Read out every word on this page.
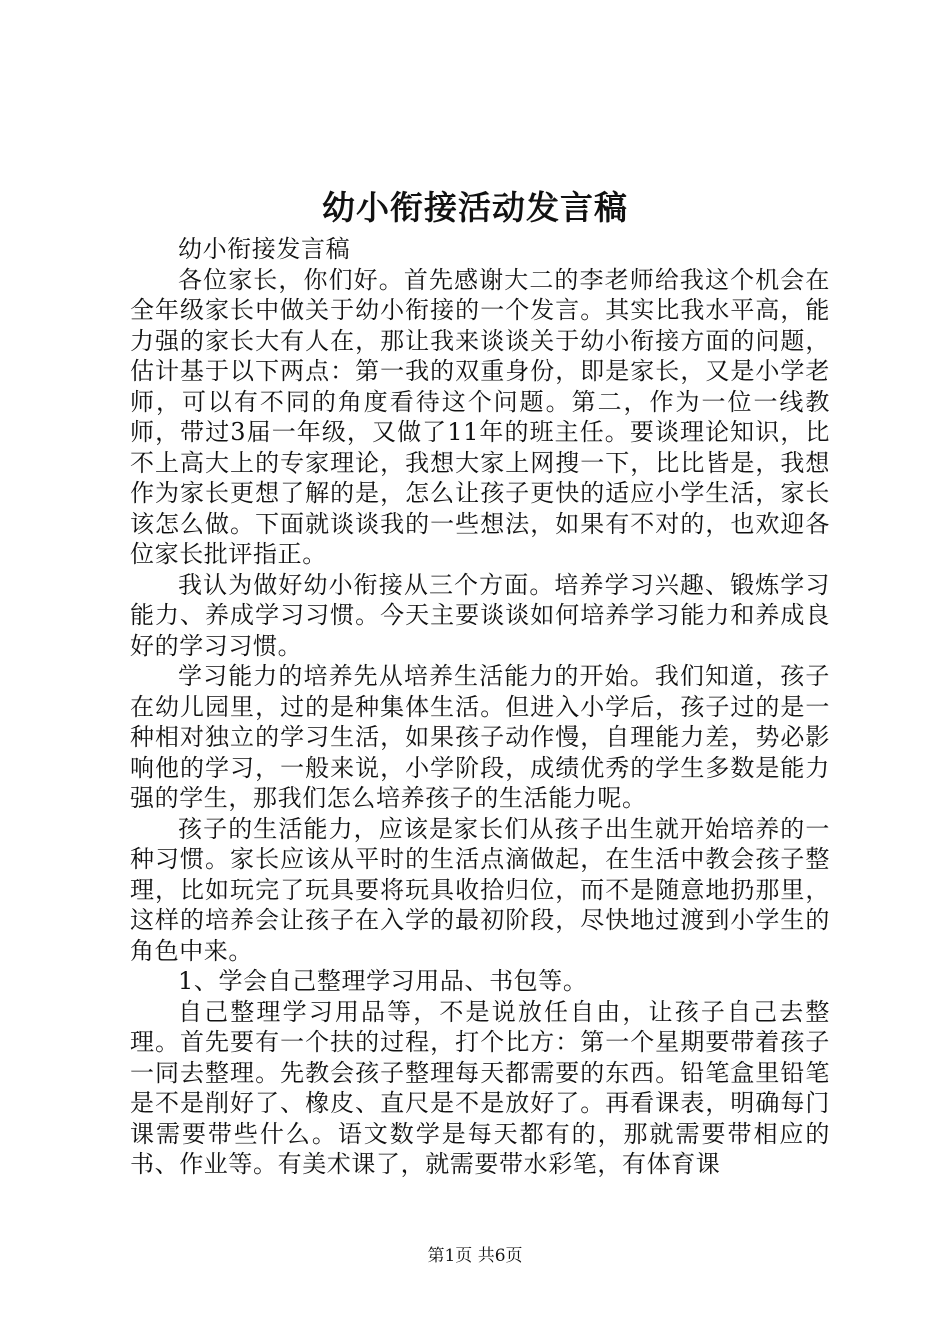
幼小衔接活动发言稿

幼小衔接发言稿

各位家长，你们好。首先感谢大二的李老师给我这个机会在全年级家长中做关于幼小衔接的一个发言。其实比我水平高，能力强的家长大有人在，那让我来谈谈关于幼小衔接方面的问题，估计基于以下两点：第一我的双重身份，即是家长，又是小学老师，可以有不同的角度看待这个问题。第二，作为一位一线教师，带过3届一年级，又做了11年的班主任。要谈理论知识，比不上高大上的专家理论，我想大家上网搜一下，比比皆是，我想作为家长更想了解的是，怎么让孩子更快的适应小学生活，家长该怎么做。下面就谈谈我的一些想法，如果有不对的，也欢迎各位家长批评指正。

我认为做好幼小衔接从三个方面。培养学习兴趣、锻炼学习能力、养成学习习惯。今天主要谈谈如何培养学习能力和养成良好的学习习惯。

学习能力的培养先从培养生活能力的开始。我们知道，孩子在幼儿园里，过的是种集体生活。但进入小学后，孩子过的是一种相对独立的学习生活，如果孩子动作慢，自理能力差，势必影响他的学习，一般来说，小学阶段，成绩优秀的学生多数是能力强的学生，那我们怎么培养孩子的生活能力呢。

孩子的生活能力，应该是家长们从孩子出生就开始培养的一种习惯。家长应该从平时的生活点滴做起，在生活中教会孩子整理，比如玩完了玩具要将玩具收拾归位，而不是随意地扔那里，这样的培养会让孩子在入学的最初阶段，尽快地过渡到小学生的角色中来。

1、学会自己整理学习用品、书包等。

自己整理学习用品等，不是说放任自由，让孩子自己去整理。首先要有一个扶的过程，打个比方：第一个星期要带着孩子一同去整理。先教会孩子整理每天都需要的东西。铅笔盒里铅笔是不是削好了、橡皮、直尺是不是放好了。再看课表，明确每门课需要带些什么。语文数学是每天都有的，那就需要带相应的书、作业等。有美术课了，就需要带水彩笔，有体育课

第1页 共6页
